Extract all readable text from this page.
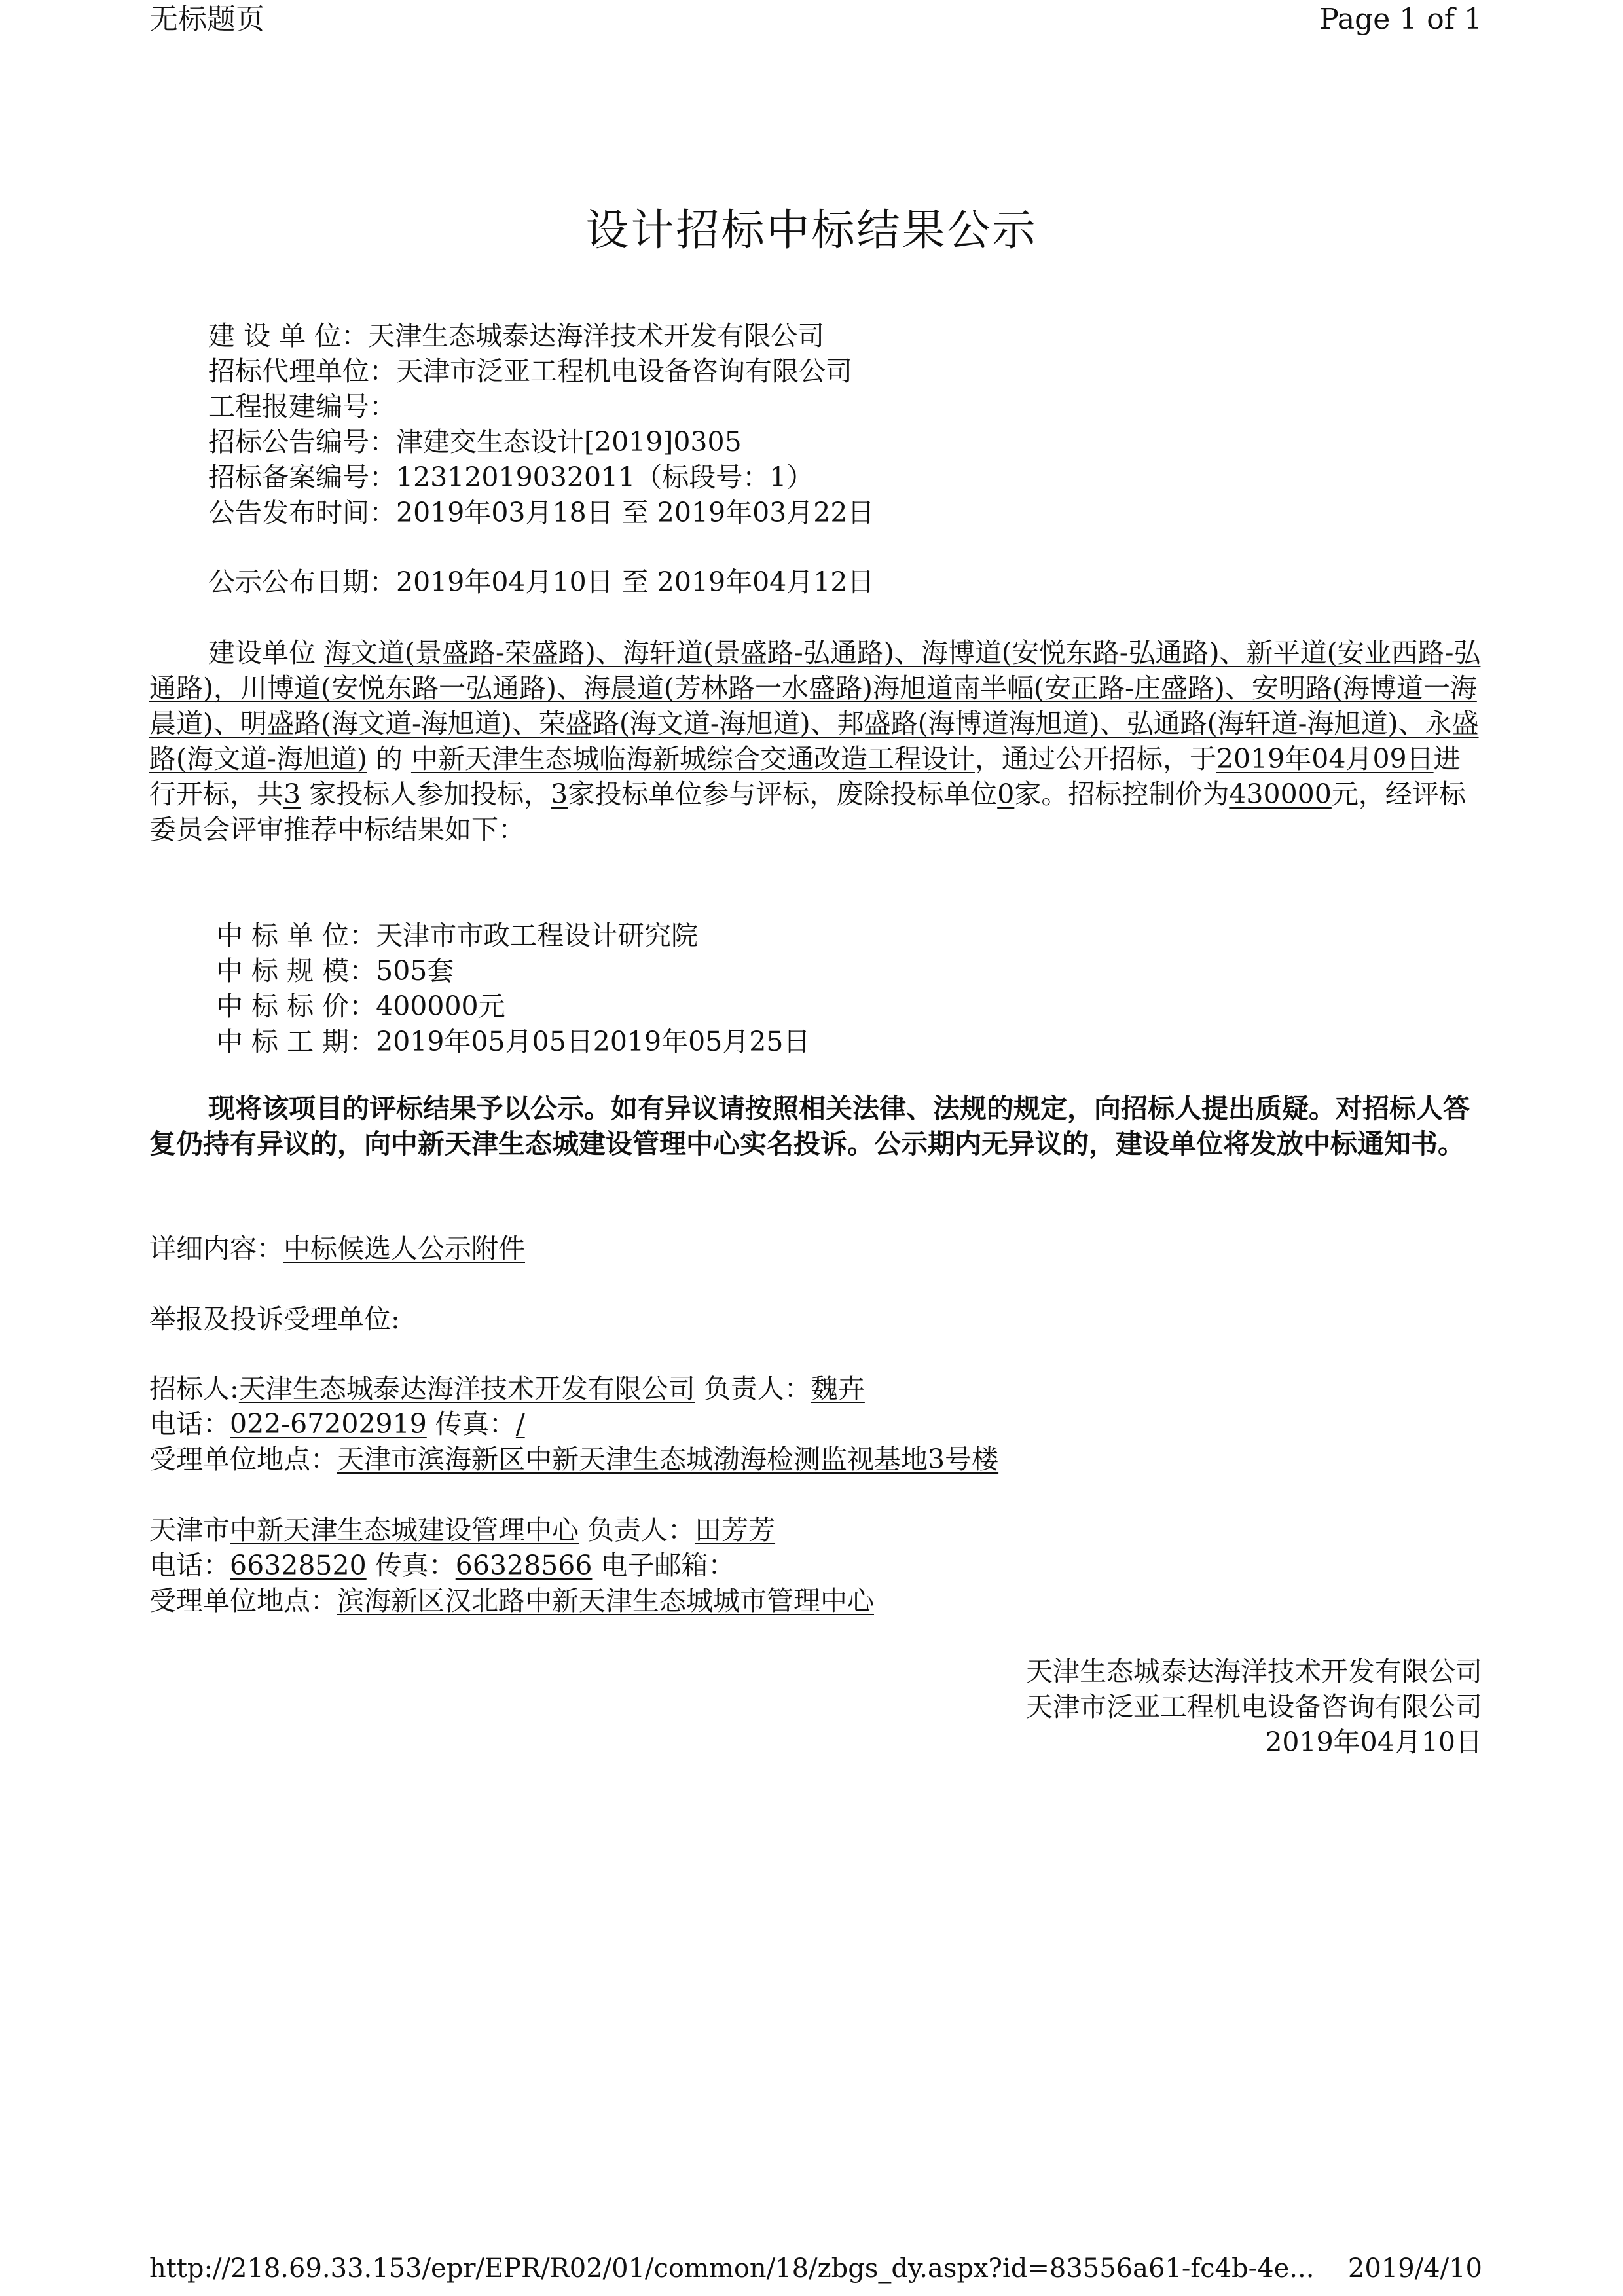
无标题页	Page 1 of 1
设计招标中标结果公示
建 设 单 位：天津生态城泰达海洋技术开发有限公司
招标代理单位：天津市泛亚工程机电设备咨询有限公司
工程报建编号：
招标公告编号：津建交生态设计[2019]0305
招标备案编号：12312019032011（标段号：1）
公告发布时间：2019年03月18日 至 2019年03月22日
公示公布日期：2019年04月10日 至 2019年04月12日
建设单位 海文道(景盛路-荣盛路)、海轩道(景盛路-弘通路)、海博道(安悦东路-弘通路)、新平道(安业西路-弘通路)，川博道(安悦东路一弘通路)、海晨道(芳林路一水盛路)海旭道南半幅(安正路-庄盛路)、安明路(海博道一海晨道)、明盛路(海文道-海旭道)、荣盛路(海文道-海旭道)、邦盛路(海博道海旭道)、弘通路(海轩道-海旭道)、永盛路(海文道-海旭道) 的 中新天津生态城临海新城综合交通改造工程设计，通过公开招标，于2019年04月09日进行开标，共3 家投标人参加投标，3家投标单位参与评标，废除投标单位0家。招标控制价为430000元，经评标委员会评审推荐中标结果如下：
中 标 单 位：天津市市政工程设计研究院
中 标 规 模：505套
中 标 标 价：400000元
中 标 工 期：2019年05月05日2019年05月25日
现将该项目的评标结果予以公示。如有异议请按照相关法律、法规的规定，向招标人提出质疑。对招标人答复仍持有异议的，向中新天津生态城建设管理中心实名投诉。公示期内无异议的，建设单位将发放中标通知书。
详细内容：中标候选人公示附件
举报及投诉受理单位:
招标人:天津生态城泰达海洋技术开发有限公司 负责人：魏卉
电话：022-67202919 传真：/
受理单位地点：天津市滨海新区中新天津生态城渤海检测监视基地3号楼
天津市中新天津生态城建设管理中心 负责人：田芳芳
电话：66328520 传真：66328566 电子邮箱：
受理单位地点：滨海新区汉北路中新天津生态城城市管理中心
天津生态城泰达海洋技术开发有限公司
天津市泛亚工程机电设备咨询有限公司
2019年04月10日
http://218.69.33.153/epr/EPR/R02/01/common/18/zbgs_dy.aspx?id=83556a61-fc4b-4e... 2019/4/10
